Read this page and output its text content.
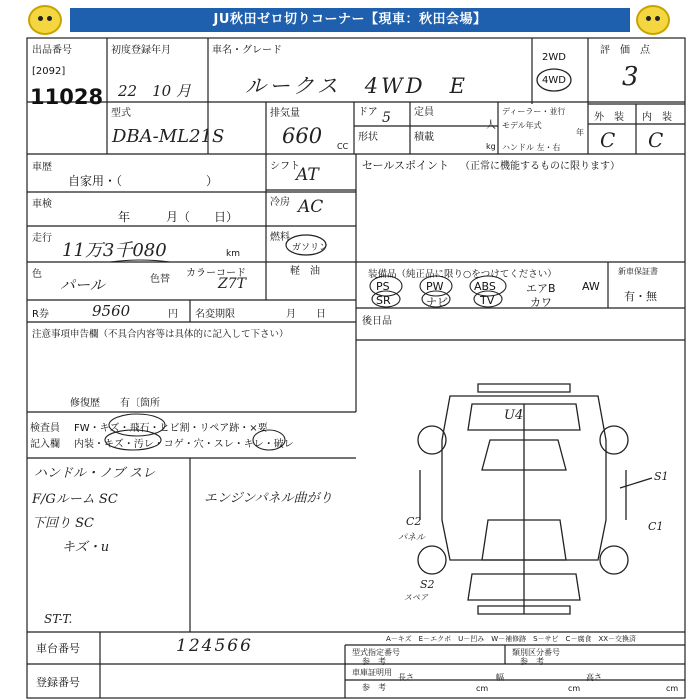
JU秋田ゼロ切りコーナー【現車：秋田会場】
出品番号
[2092]
11028
初度登録年月
22　10 月
車名・グレード
ルークス　4WD　E
2WD
4WD
評　価　点
3
型式
DBA-ML21S
排気量
660 CC
ドア 5 定員
人
形状	積載
kg
ディーラー・並行
モデル年式
年
ハンドル 左・右
外　装 内　装
C C
車歴
自家用・（　　　　　　　）
シフト
AT	セールスポイント （正常に機能するものに限ります）
車検
年　　　月（　　日）
冷房 AC
走行
11万3千080	km
燃料
ガソリン
軽　油	装備品（純正品に限り○をつけてください）	新車保証書
有・無
PS	PW	ABS	エアB AW
SR	ナビ	TV	カワ
色
パール	色替
カラーコード
Z7T
R券	9560	円 名変期限	月　　日
後日品
注意事項申告欄（不具合内容等は具体的に記入して下さい）
修復歴　　有〔箇所
検査員
記入欄
FW・キズ・飛石・ヒビ割・リペア跡・×要
内装・キズ・汚レ・コゲ・穴・スレ・キレ・破レ
ハンドル・ノブ スレ
F/Gルーム SC
下回り SC
キズ・u
エンジンパネル曲がり
ST-T.
U4
S1
C2
パネル
C1
S2
スペア
A－キズ　E－エクボ　U－凹み　W－補修跡　S－サビ　C－腐食　XX－交換済
車台番号	124566
登録番号
型式指定番号
参　考
類別区分番号
参　考
車庫証明用
参　考
長さ
cm
幅
cm
高さ
cm
